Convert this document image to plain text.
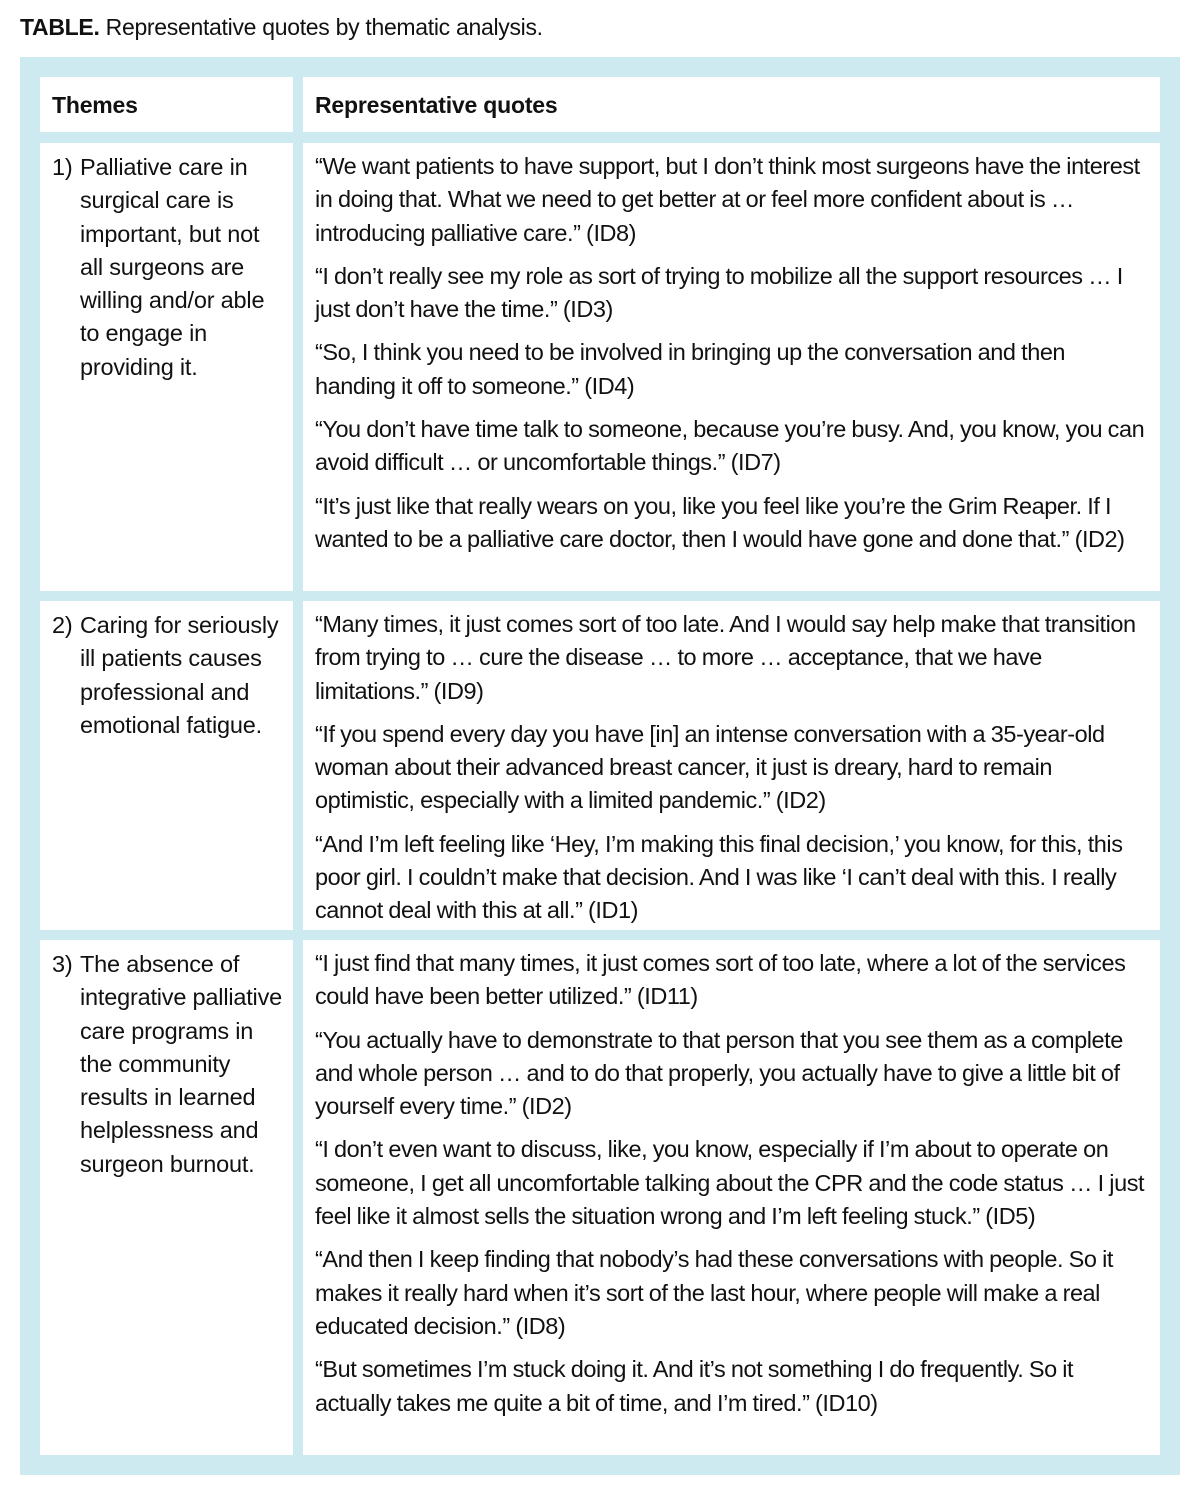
TABLE. Representative quotes by thematic analysis.
Themes	Representative quotes
1) Palliative care in surgical care is important, but not all surgeons are willing and/or able to engage in providing it.

“We want patients to have support, but I don’t think most surgeons have the interest in doing that. What we need to get better at or feel more confident about is … introducing palliative care.” (ID8)

“I don’t really see my role as sort of trying to mobilize all the support resources … I just don’t have the time.” (ID3)

“So, I think you need to be involved in bringing up the conversation and then handing it off to someone.” (ID4)

“You don’t have time talk to someone, because you’re busy. And, you know, you can avoid difficult … or uncomfortable things.” (ID7)

“It’s just like that really wears on you, like you feel like you’re the Grim Reaper. If I wanted to be a palliative care doctor, then I would have gone and done that.” (ID2)

2) Caring for seriously ill patients causes professional and emotional fatigue.

“Many times, it just comes sort of too late. And I would say help make that transition from trying to … cure the disease … to more … acceptance, that we have limitations.” (ID9)

“If you spend every day you have [in] an intense conversation with a 35-year-old woman about their advanced breast cancer, it just is dreary, hard to remain optimistic, especially with a limited pandemic.” (ID2)

“And I’m left feeling like ‘Hey, I’m making this final decision,’ you know, for this, this poor girl. I couldn’t make that decision. And I was like ‘I can’t deal with this. I really cannot deal with this at all.” (ID1)

3) The absence of integrative palliative care programs in the community results in learned helplessness and surgeon burnout.

“I just find that many times, it just comes sort of too late, where a lot of the services could have been better utilized.” (ID11)

“You actually have to demonstrate to that person that you see them as a complete and whole person … and to do that properly, you actually have to give a little bit of yourself every time.” (ID2)

“I don’t even want to discuss, like, you know, especially if I’m about to operate on someone, I get all uncomfortable talking about the CPR and the code status … I just feel like it almost sells the situation wrong and I’m left feeling stuck.” (ID5)

“And then I keep finding that nobody’s had these conversations with people. So it makes it really hard when it’s sort of the last hour, where people will make a real educated decision.” (ID8)

“But sometimes I’m stuck doing it. And it’s not something I do frequently. So it actually takes me quite a bit of time, and I’m tired.” (ID10)
